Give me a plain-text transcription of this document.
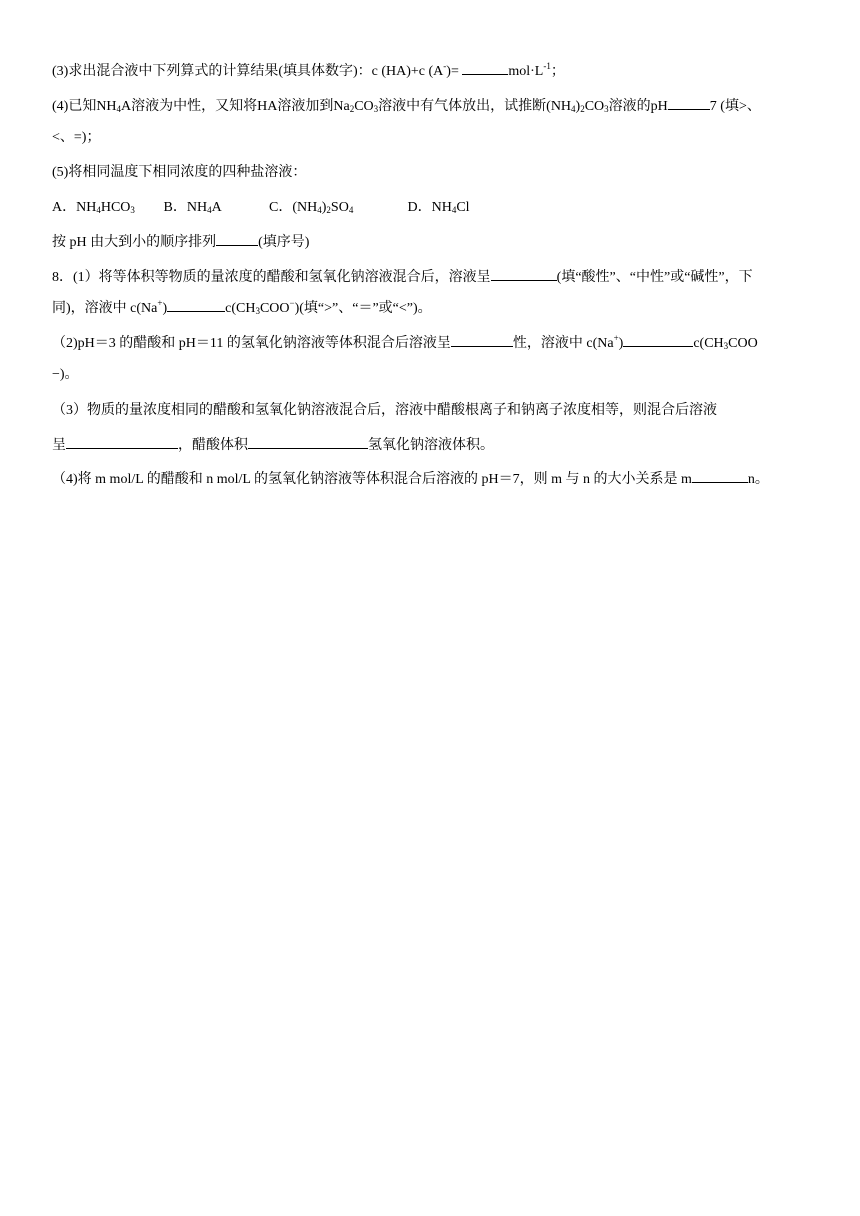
(3)求出混合液中下列算式的计算结果(填具体数字)：c (HA)+c (A-)=	$mol\cdot L^{-1}$；
(4)已知$NH_4A$溶液为中性，又知将HA溶液加到$Na_2CO_3$溶液中有气体放出，试推断$(NH_4)_2CO_3$溶液的pH	7 (填>、
<、=)；
(5)将相同温度下相同浓度的四种盐溶液：
A．$NH_4HCO_3$ B．$NH_4A$	C．$(NH_4)_2SO_4$	D．$NH_4Cl$
按 pH 由大到小的顺序排列	(填序号)
8．(1）将等体积等物质的量浓度的醋酸和氢氧化钠溶液混合后，溶液呈	(填“酸性”、“中性”或“碱性”，下
同)，溶液中 c(Na+)	$c(CH_3COO^-)$(填“>”、“＝”或“<”)。
（2)pH＝3 的醋酸和 pH＝11 的氢氧化钠溶液等体积混合后溶液呈	性，溶液中 c(Na+)	$c(CH_3COO$
−)。
（3）物质的量浓度相同的醋酸和氢氧化钠溶液混合后，溶液中醋酸根离子和钠离子浓度相等，则混合后溶液
呈	，醋酸体积	氢氧化钠溶液体积。
（4)将 m mol/L 的醋酸和 n mol/L 的氢氧化钠溶液等体积混合后溶液的 pH＝7，则 m 与 n 的大小关系是 m	n。
